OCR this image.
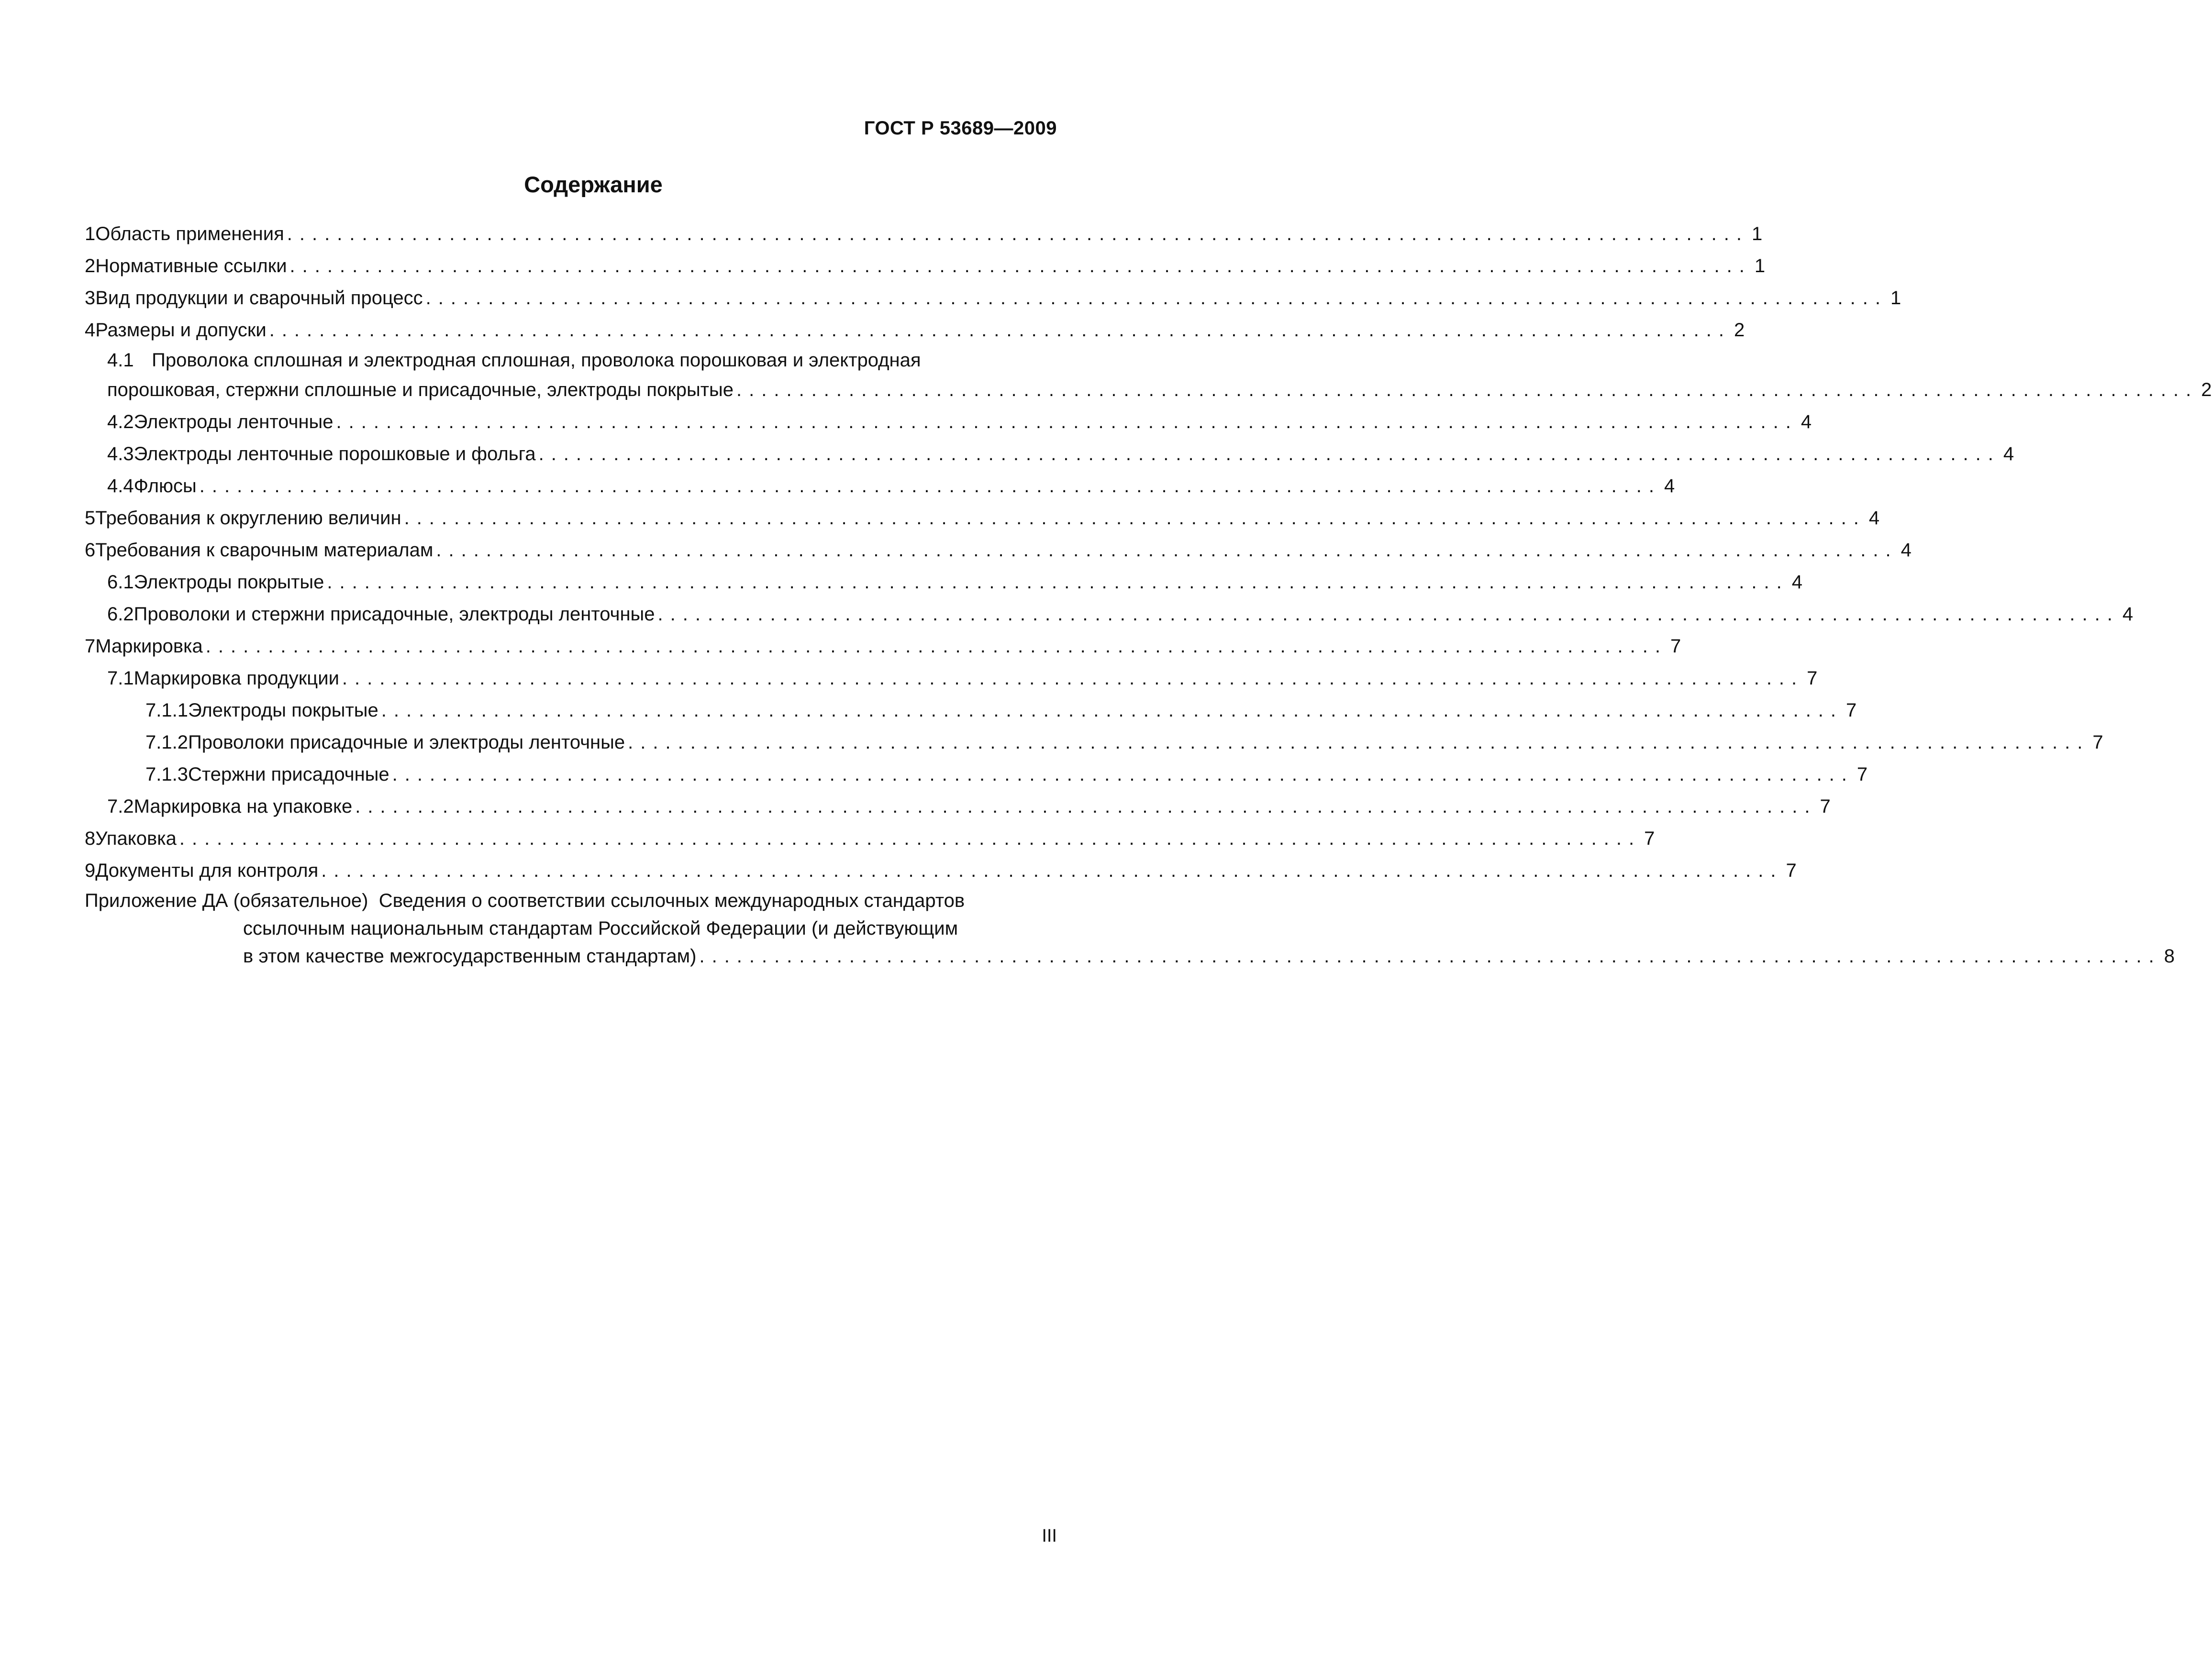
ГОСТ Р 53689—2009
Содержание
1 Область применения ..................................................................................................................... 1
2 Нормативные ссылки ..................................................................................................................... 1
3 Вид продукции и сварочный процесс ..................................................................................................................... 1
4 Размеры и допуски ..................................................................................................................... 2
4.1 Проволока сплошная и электродная сплошная, проволока порошковая и электродная
порошковая, стержни сплошные и присадочные, электроды покрытые ..................................................................................................................... 2
4.2 Электроды ленточные ..................................................................................................................... 4
4.3 Электроды ленточные порошковые и фольга ..................................................................................................................... 4
4.4 Флюсы ..................................................................................................................... 4
5 Требования к округлению величин ..................................................................................................................... 4
6 Требования к сварочным материалам ..................................................................................................................... 4
6.1 Электроды покрытые ..................................................................................................................... 4
6.2 Проволоки и стержни присадочные, электроды ленточные ..................................................................................................................... 4
7 Маркировка ..................................................................................................................... 7
7.1 Маркировка продукции ..................................................................................................................... 7
7.1.1 Электроды покрытые ..................................................................................................................... 7
7.1.2 Проволоки присадочные и электроды ленточные ..................................................................................................................... 7
7.1.3 Стержни присадочные ..................................................................................................................... 7
7.2 Маркировка на упаковке ..................................................................................................................... 7
8 Упаковка ..................................................................................................................... 7
9 Документы для контроля ..................................................................................................................... 7
Приложение ДА (обязательное) Сведения о соответствии ссылочных международных стандартов
ссылочным национальным стандартам Российской Федерации (и действующим
в этом качестве межгосударственным стандартам) ..................................................................................................................... 8
III
